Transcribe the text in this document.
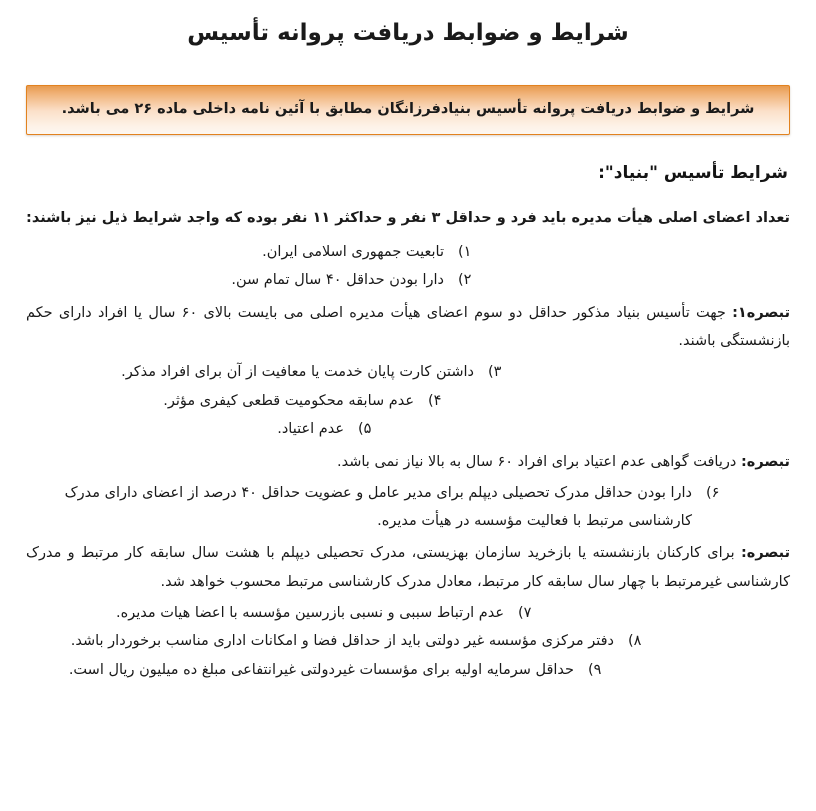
شرایط و ضوابط دریافت پروانه تأسیس
شرایط و ضوابط دریافت پروانه تأسیس بنیادفرزانگان مطابق با آئین نامه داخلی ماده ۲۶ می باشد.
شرایط تأسیس "بنیاد":

تعداد اعضای اصلی هیأت مدیره باید فرد و حداقل ۳ نفر و حداکثر ۱۱ نفر بوده که واجد شرایط ذیل نیز باشند:

۱)
تابعیت جمهوری اسلامی ایران.
۲)
دارا بودن حداقل ۴۰ سال تمام سن.

تبصره۱: جهت تأسیس بنیاد مذکور حداقل دو سوم اعضای هیأت مدیره اصلی می بایست بالای ۶۰ سال یا افراد دارای حکم بازنشستگی باشند.

۳)
داشتن کارت پایان خدمت یا معافیت از آن برای افراد مذکر.
۴)
عدم سابقه محکومیت قطعی کیفری مؤثر.
۵)
عدم اعتیاد.

تبصره: دریافت گواهی عدم اعتیاد برای افراد ۶۰ سال به بالا نیاز نمی باشد.

۶)
دارا بودن حداقل مدرک تحصیلی دیپلم برای مدیر عامل و عضویت حداقل ۴۰ درصد از اعضای دارای مدرک کارشناسی مرتبط با فعالیت مؤسسه در هیأت مدیره.

تبصره: برای کارکنان بازنشسته یا بازخرید سازمان بهزیستی، مدرک تحصیلی دیپلم با هشت سال سابقه کار مرتبط و مدرک کارشناسی غیرمرتبط با چهار سال سابقه کار مرتبط، معادل مدرک کارشناسی مرتبط محسوب خواهد شد.

۷)
عدم ارتباط سببی و نسبی بازرسین مؤسسه با اعضا هیات مدیره.
۸)
دفتر مرکزی مؤسسه غیر دولتی باید از حداقل فضا و امکانات اداری مناسب برخوردار باشد.
۹)
حداقل سرمایه اولیه برای مؤسسات غیردولتی غیرانتفاعی مبلغ ده میلیون ریال است.
